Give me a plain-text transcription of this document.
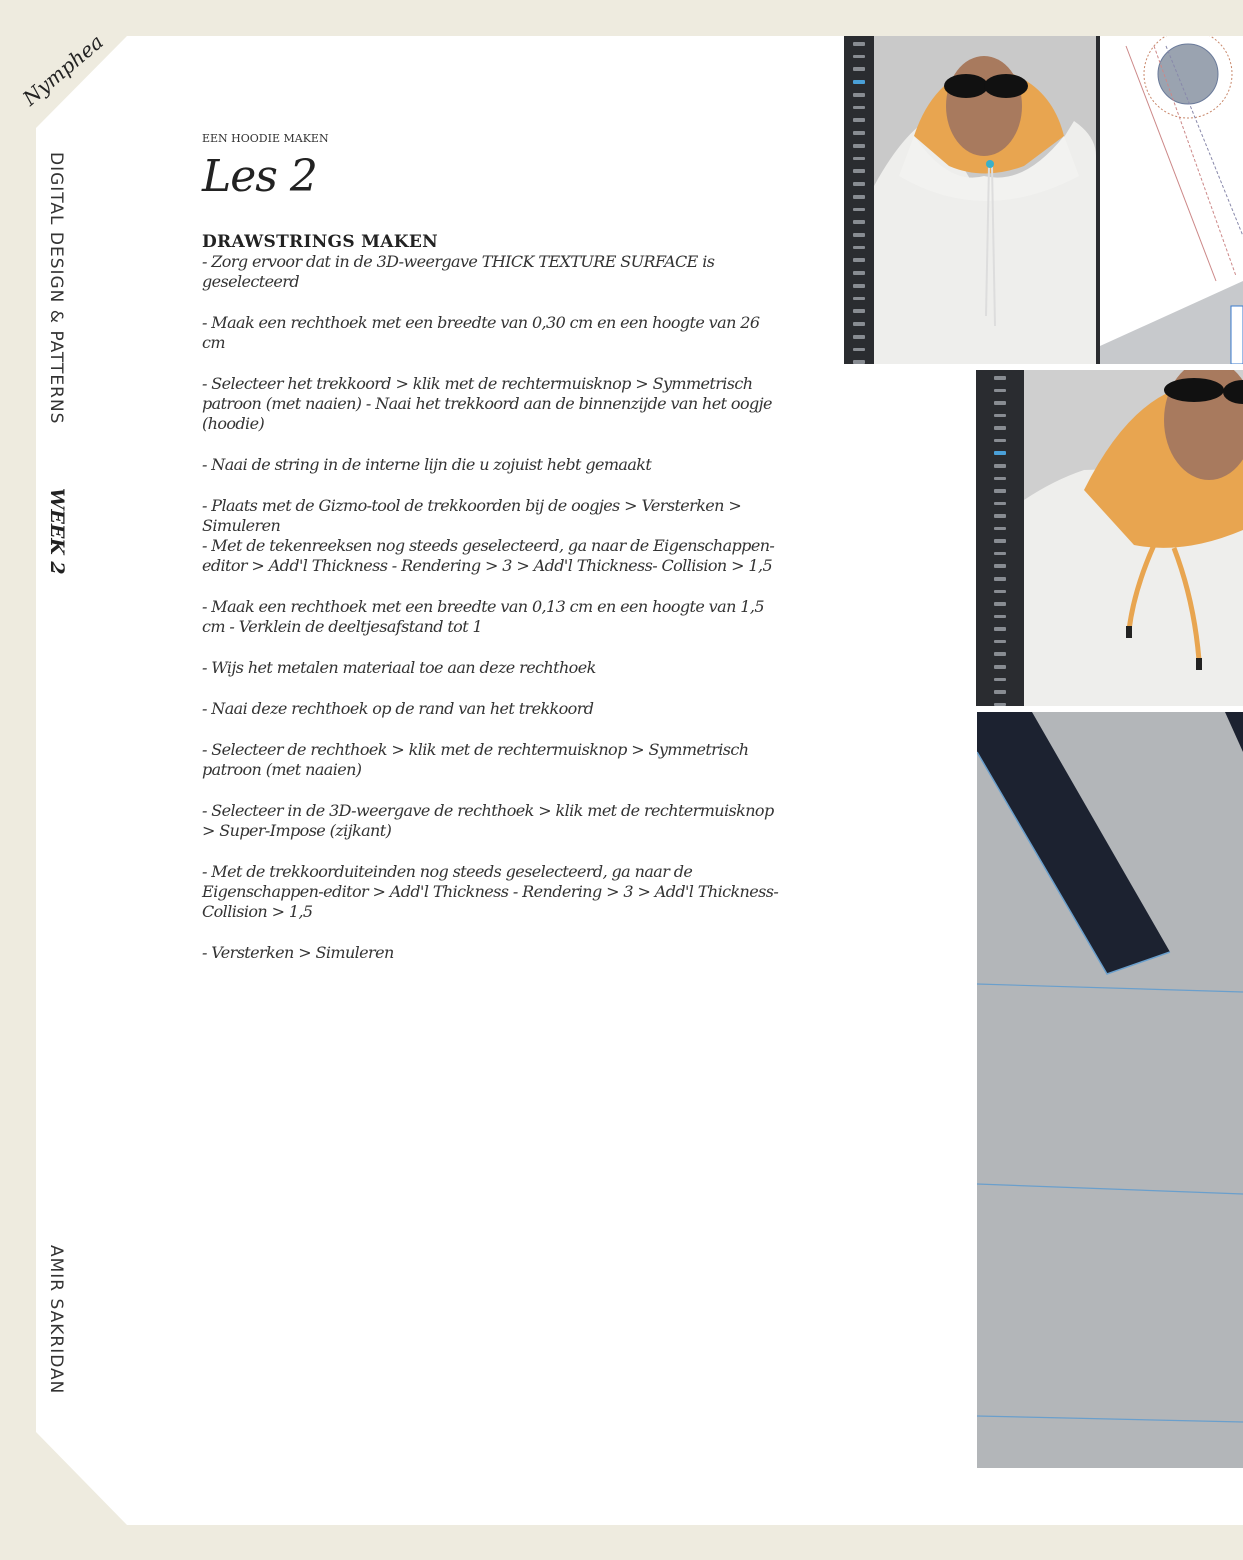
Nymphea
DIGITAL DESIGN & PATTERNS
WEEK 2
AMIR SAKRIDAN

EEN HOODIE MAKEN

Les 2
DRAWSTRINGS MAKEN
- Zorg ervoor dat in de 3D-weergave THICK TEXTURE SURFACE is geselecteerd
- Maak een rechthoek met een breedte van 0,30 cm en een hoogte van 26 cm
- Selecteer het trekkoord > klik met de rechtermuisknop > Symmetrisch patroon (met naaien) - Naai het trekkoord aan de binnenzijde van het oogje (hoodie)
- Naai de string in de interne lijn die u zojuist hebt gemaakt
- Plaats met de Gizmo-tool de trekkoorden bij de oogjes > Versterken > Simuleren
- Met de tekenreeksen nog steeds geselecteerd, ga naar de Eigenschappen-editor > Add'l Thickness - Rendering > 3 > Add'l Thickness- Collision > 1,5
- Maak een rechthoek met een breedte van 0,13 cm en een hoogte van 1,5 cm - Verklein de deeltjesafstand tot 1
- Wijs het metalen materiaal toe aan deze rechthoek
- Naai deze rechthoek op de rand van het trekkoord
- Selecteer de rechthoek > klik met de rechtermuisknop > Symmetrisch patroon (met naaien)
- Selecteer in de 3D-weergave de rechthoek > klik met de rechtermuisknop > Super-Impose (zijkant)
- Met de trekkoorduiteinden nog steeds geselecteerd, ga naar de Eigenschappen-editor > Add'l Thickness - Rendering > 3 > Add'l Thickness- Collision > 1,5
- Versterken > Simuleren
